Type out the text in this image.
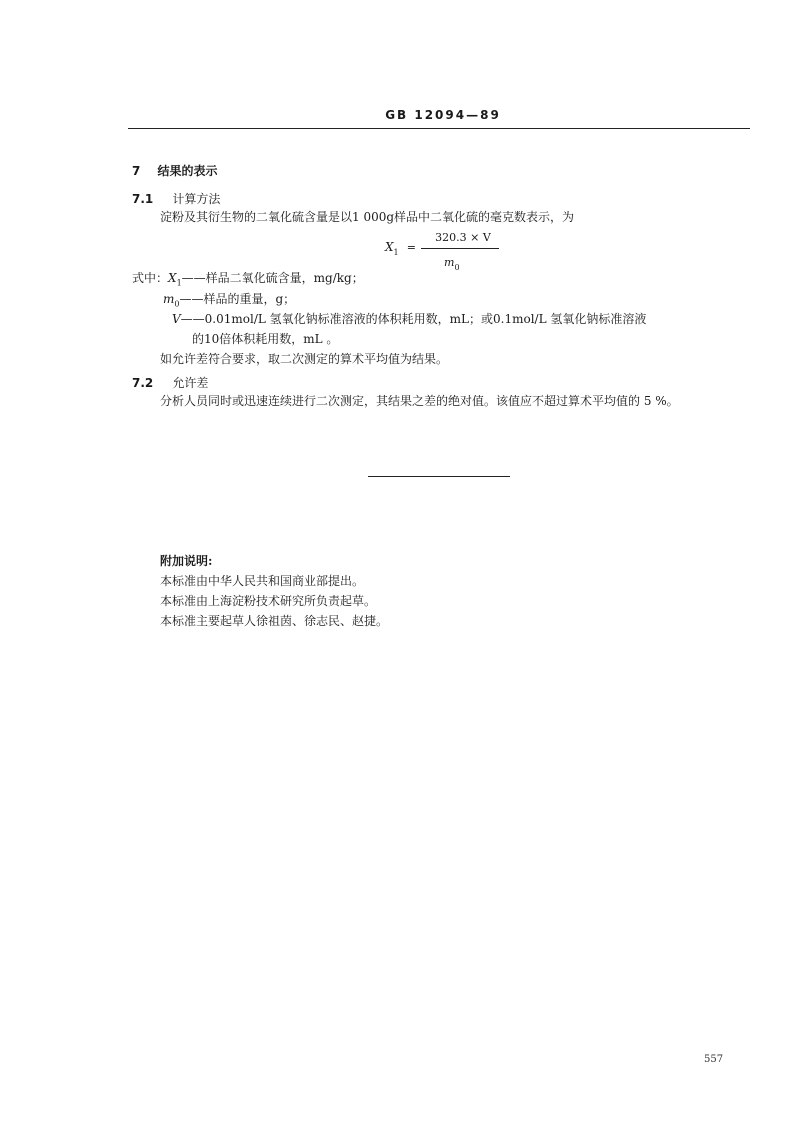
GB 12094—89
7 结果的表示
7.1 计算方法
淀粉及其衍生物的二氧化硫含量是以1 000g样品中二氧化硫的毫克数表示，为
$X_1$ =
320.3 × V
$m_0$
式中：$X_1——$样品二氧化硫含量，mg/kg；
$m_0——$样品的重量，g；
V——0.01mol/L 氢氧化钠标准溶液的体积耗用数，mL；或0.1mol/L 氢氧化钠标准溶液
的10倍体积耗用数，mL 。
如允许差符合要求，取二次测定的算术平均值为结果。
7.2 允许差
分析人员同时或迅速连续进行二次测定，其结果之差的绝对值。该值应不超过算术平均值的 5 %。
附加说明:
本标准由中华人民共和国商业部提出。
本标准由上海淀粉技术研究所负责起草。
本标准主要起草人徐祖茵、徐志民、赵捷。
557
